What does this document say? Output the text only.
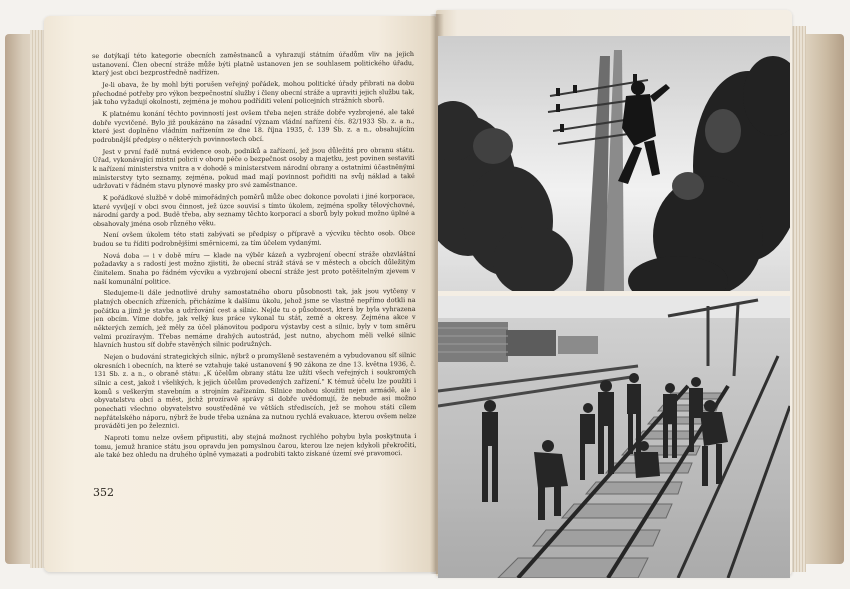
se dotýkají této kategorie obecních zaměstnanců a vyhrazují státním úřadům vliv na jejich ustanovení. Člen obecní stráže může býti platně ustanoven jen se souhlasem politického úřadu, který jest obci bezprostředně nadřízen.

Je-li obava, že by mohl býti porušen veřejný pořádek, mohou politické úřady přibrati na dobu přechodné potřeby pro výkon bezpečnostní služby i členy obecní stráže a upraviti jejich službu tak, jak toho vyžadují okolnosti, zejména je mohou podříditi velení policejních strážních sborů.

K platnému konání těchto povinností jest ovšem třeba nejen stráže dobře vyzbrojené, ale také dobře vycvičené. Bylo již poukázáno na zásadní význam vládní nařízení čís. 82/1933 Sb. z. a n., které jest doplněno vládním nařízením ze dne 18. října 1935, č. 139 Sb. z. a n., obsahujícím podrobnější předpisy o některých povinnostech obcí.

Jest v první řadě nutná evidence osob, podniků a zařízení, jež jsou důležitá pro obranu státu. Úřad, vykonávající místní policii v oboru péče o bezpečnost osoby a majetku, jest povinen sestaviti k nařízení ministerstva vnitra a v dohodě s ministerstvem národní obrany a ostatními účastněnými ministerstvy tyto seznamy, zejména, pokud mad mají povinnost pořiditi na svůj náklad a také udržovati v řádném stavu plynové masky pro své zaměstnance.

K pořádkové službě v době mimořádných poměrů může obec dokonce povolati i jiné korporace, které vyvíjejí v obci svou činnost, jež úzce souvisí s tímto úkolem, zejména spolky tělovýchovné, národní gardy a pod. Budě třeba, aby seznamy těchto korporací a sborů byly pokud možno úplné a obsahovaly jména osob různého věku.

Není ovšem úkolem této stati zabývati se předpisy o přípravě a výcviku těchto osob. Obce budou se tu říditi podrobnějšími směrnicemi, za tím účelem vydanými.

Nová doba — i v době míru — klade na výběr kázeň a vyzbrojení obecní stráže obzvláštní požadavky a s radostí jest možno zjistiti, že obecní stráž stává se v městech a obcích důležitým činitelem. Snaha po řádném výcviku a vyzbrojení obecní stráže jest proto potěšitelným zjevem v naší komunální politice.

Sledujeme-li dále jednotlivé druhy samostatného oboru působnosti tak, jak jsou vytčeny v platných obecních zřízeních, přicházíme k dalšímu úkolu, jehož jsme se vlastně nepřímo dotkli na počátku a jímž je stavba a udržování cest a silnic. Nejde tu o působnost, která by byla vyhrazena jen obcím. Víme dobře, jak velký kus práce vykonal tu stát, země a okresy. Zejména akce v některých zemích, jež měly za účel plánovitou podporu výstavby cest a silnic, byly v tom směru velmi prozíravým. Třebas nemáme drahých autostrád, jest nutno, abychom měli velké silnic hlavních hustou síť dobře stavěných silnic podružných.

Nejen o budování strategických silnic, nýbrž o promyšleně sestaveném a vybudovanou síť silnic okresních i obecních, na které se vztahuje také ustanovení § 90 zákona ze dne 13. května 1936, č. 131 Sb. z. a n., o obraně státu: „K účelům obrany státu lze užíti všech veřejných i soukromých silnic a cest, jakož i všelikých, k jejich účelům provedených zařízení." K témuž účelu lze použíti i komů s veškerým stavebním a strojním zařízením. Silnice mohou sloužiti nejen armádě, ale i obyvatelstvu obcí a měst, jichž prozíravě správy si dobře uvědomují, že nebude asi možno ponechati všechno obyvatelstvo soustředěné ve větších střediscích, jež se mohou státi cílem nepřátelského náporu, nýbrž že bude třeba uznána za nutnou rychlá evakuace, kterou ovšem nelze prováděti jen po železnici.

Naproti tomu nelze ovšem připustiti, aby stejná možnost rychlého pohybu byla poskytnuta i tomu, jemuž hranice státu jsou opravdu jen pomyslnou čarou, kterou lze nejen kdykoli překročiti, ale také bez ohledu na druhého úplně vymazati a podrobiti takto získané území své pravomoci.

352
